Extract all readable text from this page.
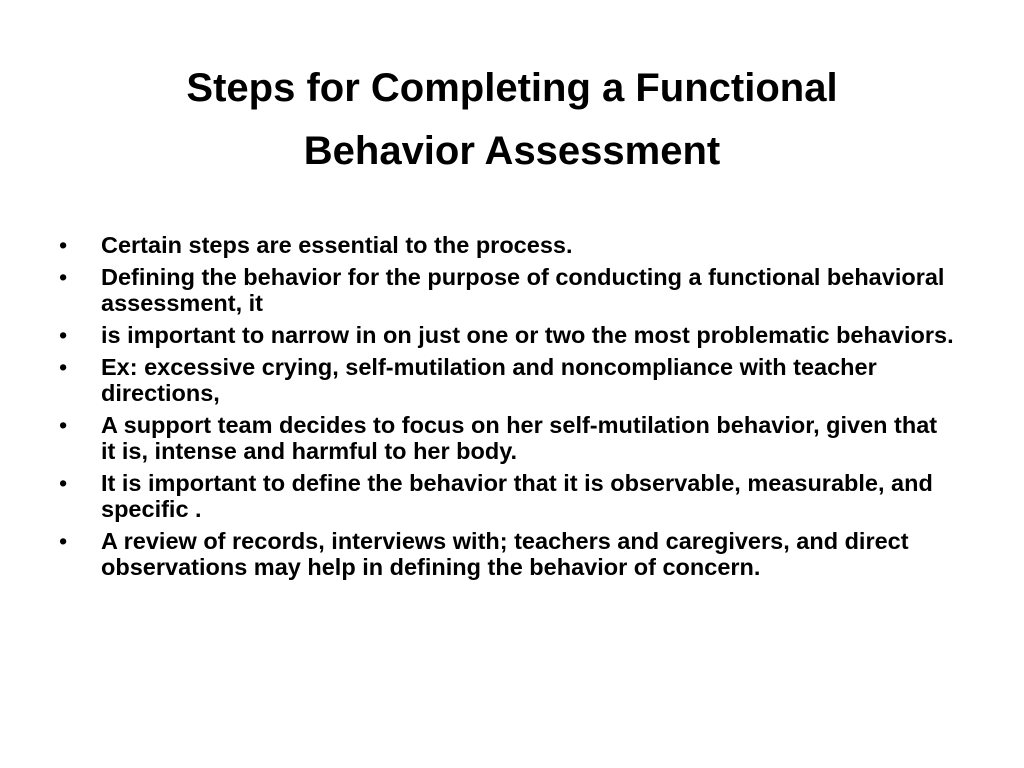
Steps for Completing a Functional
Behavior Assessment
• Certain steps are essential to the process.
• Defining the behavior for the purpose of conducting a functional behavioral assessment, it
• is important to narrow in on just one or two the most problematic behaviors.
• Ex: excessive crying, self-mutilation and noncompliance with teacher directions,
• A support team decides to focus on her self-mutilation behavior, given that it is, intense and harmful to her body.
• It is important to define the behavior that it is observable, measurable, and specific .
• A review of records, interviews with; teachers and caregivers, and direct observations may help in defining the behavior of concern.
